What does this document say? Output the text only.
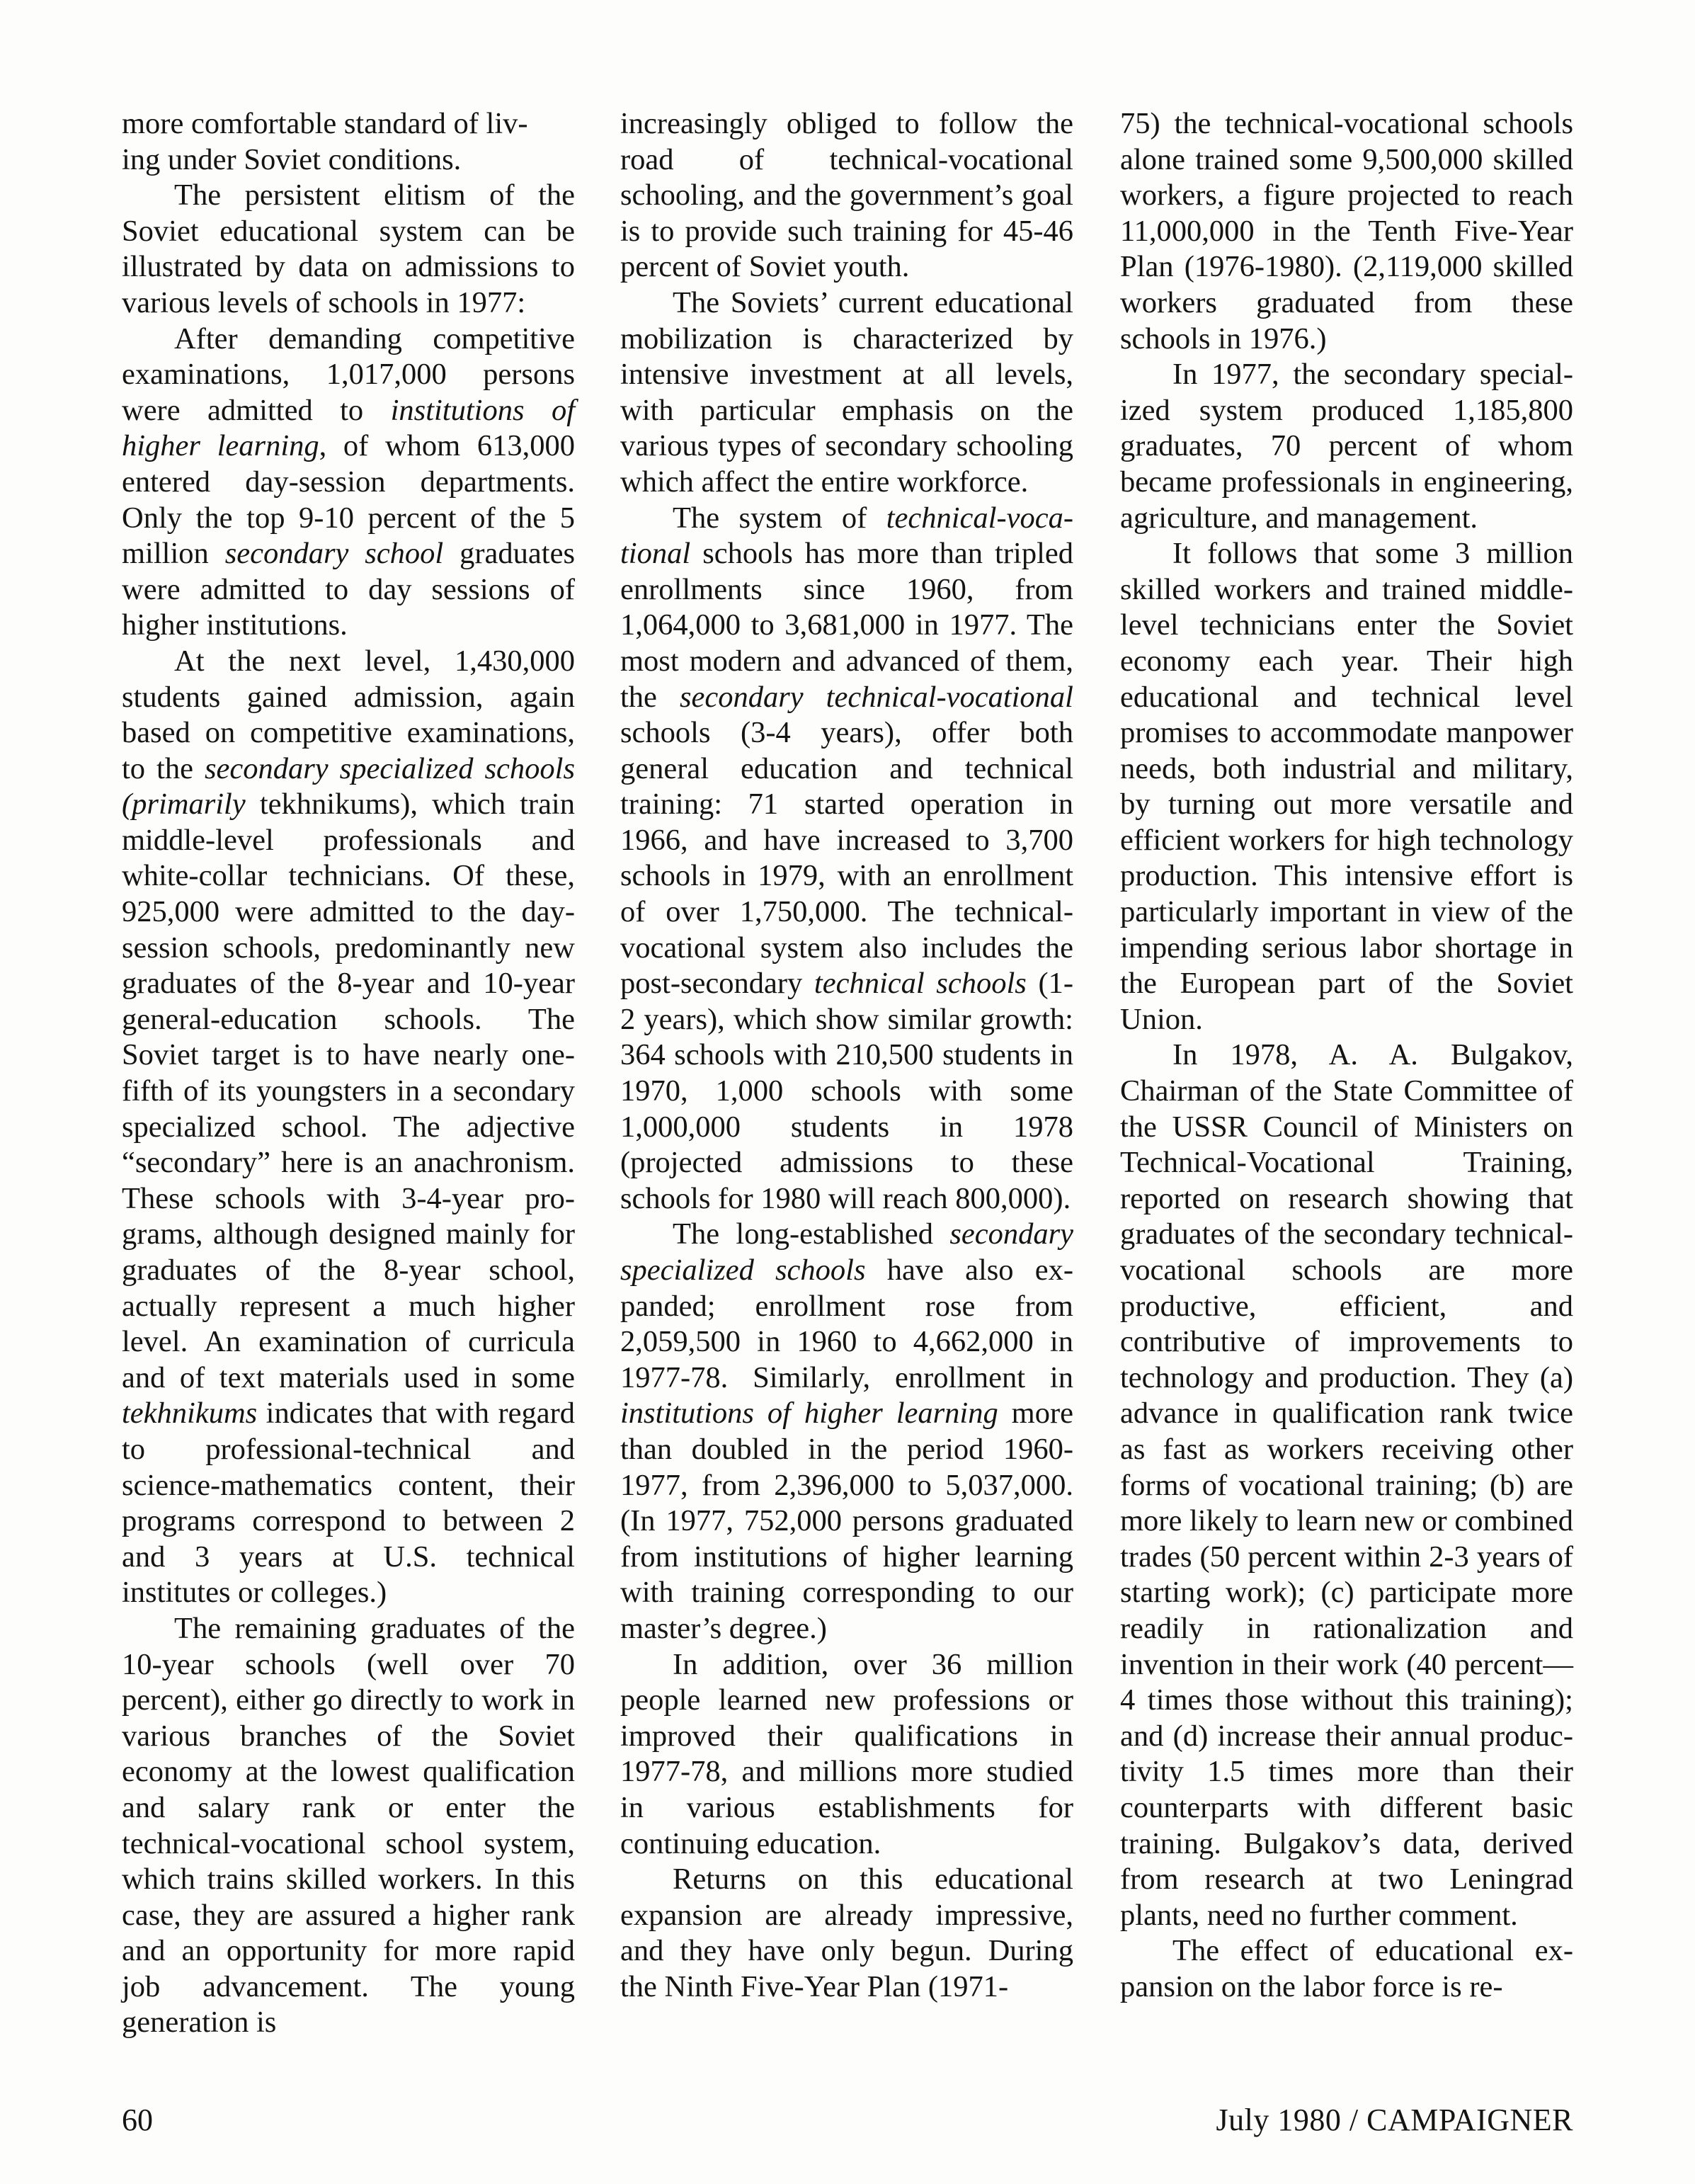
more comfortable standard of liv-
ing under Soviet conditions.

The persistent elitism of the Soviet educational system can be illustrated by data on admissions to various levels of schools in 1977:

After demanding competitive examinations, 1,017,000 persons were admitted to institutions of higher learning, of whom 613,000 entered day-session departments. Only the top 9-10 percent of the 5 million secondary school graduates were admitted to day sessions of higher institutions.

At the next level, 1,430,000 students gained admission, again based on competitive examinations, to the secondary specialized schools (primarily tekhnikums), which train middle-level professionals and white-collar technicians. Of these, 925,000 were admitted to the day-session schools, predominantly new graduates of the 8-year and 10-year general-education schools. The Soviet target is to have nearly one-fifth of its youngsters in a secondary specialized school. The adjective “secondary” here is an anachronism. These schools with 3-4-year programs, although designed mainly for graduates of the 8-year school, actually represent a much higher level. An examination of curricula and of text materials used in some tekhnikums indicates that with regard to professional-technical and science-mathematics content, their programs correspond to between 2 and 3 years at U.S. technical institutes or colleges.)

The remaining graduates of the 10-year schools (well over 70 percent), either go directly to work in various branches of the Soviet economy at the lowest qualification and salary rank or enter the technical-vocational school system, which trains skilled workers. In this case, they are assured a higher rank and an opportunity for more rapid job advancement. The young generation is

increasingly obliged to follow the road of technical-vocational schooling, and the government’s goal is to provide such training for 45-46 percent of Soviet youth.

The Soviets’ current educational mobilization is characterized by intensive investment at all levels, with particular emphasis on the various types of secondary schooling which affect the entire workforce.

The system of technical-vocational schools has more than tripled enrollments since 1960, from 1,064,000 to 3,681,000 in 1977. The most modern and advanced of them, the secondary technical-vocational schools (3-4 years), offer both general education and technical training: 71 started operation in 1966, and have increased to 3,700 schools in 1979, with an enrollment of over 1,750,000. The technical-vocational system also includes the post-secondary technical schools (1-2 years), which show similar growth: 364 schools with 210,500 students in 1970, 1,000 schools with some 1,000,000 students in 1978 (projected admissions to these schools for 1980 will reach 800,000).

The long-established secondary specialized schools have also expanded; enrollment rose from 2,059,500 in 1960 to 4,662,000 in 1977-78. Similarly, enrollment in institutions of higher learning more than doubled in the period 1960-1977, from 2,396,000 to 5,037,000. (In 1977, 752,000 persons graduated from institutions of higher learning with training corresponding to our master’s degree.)

In addition, over 36 million people learned new professions or improved their qualifications in 1977-78, and millions more studied in various establishments for continuing education.

Returns on this educational expansion are already impressive, and they have only begun. During the Ninth Five-Year Plan (1971-

75) the technical-vocational schools alone trained some 9,500,000 skilled workers, a figure projected to reach 11,000,000 in the Tenth Five-Year Plan (1976-1980). (2,119,000 skilled workers graduated from these schools in 1976.)

In 1977, the secondary specialized system produced 1,185,800 graduates, 70 percent of whom became professionals in engineering, agriculture, and management.

It follows that some 3 million skilled workers and trained middle-level technicians enter the Soviet economy each year. Their high educational and technical level promises to accommodate manpower needs, both industrial and military, by turning out more versatile and efficient workers for high technology production. This intensive effort is particularly important in view of the impending serious labor shortage in the European part of the Soviet Union.

In 1978, A. A. Bulgakov, Chairman of the State Committee of the USSR Council of Ministers on Technical-Vocational Training, reported on research showing that graduates of the secondary technical-vocational schools are more productive, efficient, and contributive of improvements to technology and production. They (a) advance in qualification rank twice as fast as workers receiving other forms of vocational training; (b) are more likely to learn new or combined trades (50 percent within 2-3 years of starting work); (c) participate more readily in rationalization and invention in their work (40 percent—4 times those without this training); and (d) increase their annual productivity 1.5 times more than their counterparts with different basic training. Bulgakov’s data, derived from research at two Leningrad plants, need no further comment.

The effect of educational expansion on the labor force is re-

60	July 1980 / CAMPAIGNER
